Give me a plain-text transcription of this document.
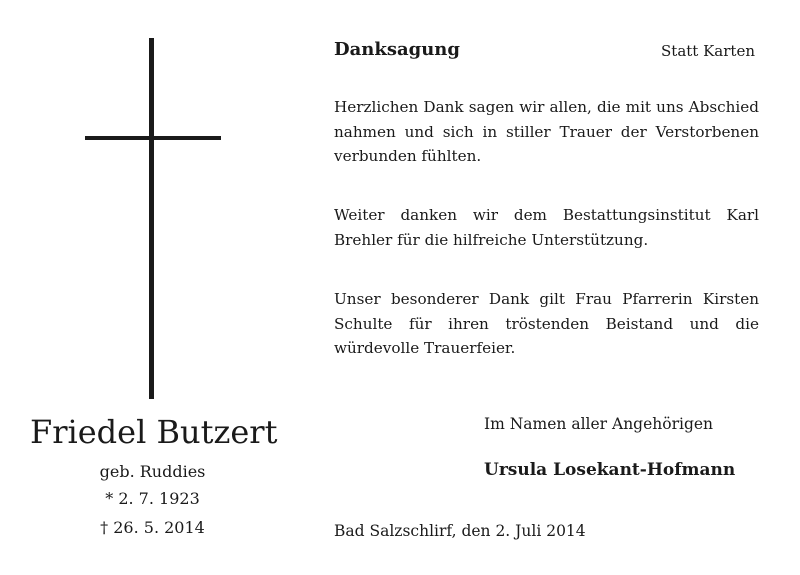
Friedel Butzert
geb. Ruddies
* 2. 7. 1923
† 26. 5. 2014
Danksagung	Statt Karten
Herzlichen Dank sagen wir allen, die mit uns Abschied nahmen und sich in stiller Trauer der Verstorbenen verbunden fühlten.
Weiter danken wir dem Bestattungsinstitut Karl Brehler für die hilfreiche Unterstützung.
Unser besonderer Dank gilt Frau Pfarrerin Kirsten Schulte für ihren tröstenden Beistand und die würdevolle Trauerfeier.
Im Namen aller Angehörigen
Ursula Losekant-Hofmann
Bad Salzschlirf, den 2. Juli 2014
